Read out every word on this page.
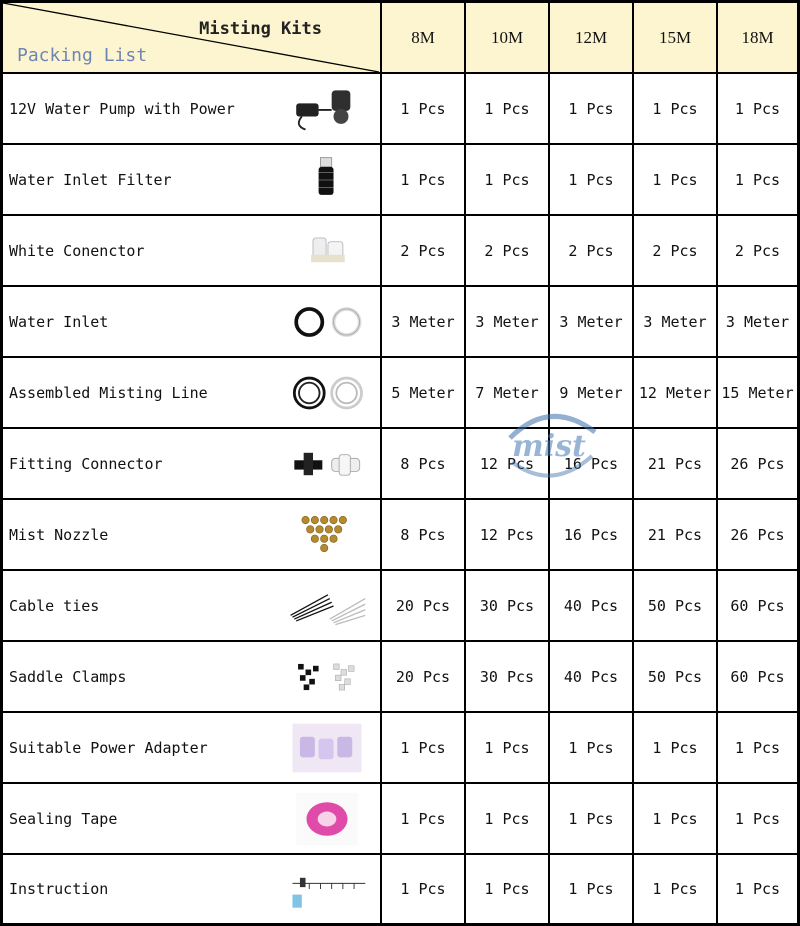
Misting Kits
Packing List
8M	10M	12M	15M	18M
12V Water Pump with Power	1 Pcs	1 Pcs	1 Pcs	1 Pcs	1 Pcs
Water Inlet Filter	1 Pcs	1 Pcs	1 Pcs	1 Pcs	1 Pcs
White Conenctor	2 Pcs	2 Pcs	2 Pcs	2 Pcs	2 Pcs
Water Inlet	3 Meter	3 Meter	3 Meter	3 Meter	3 Meter
Assembled Misting Line	5 Meter	7 Meter	9 Meter	12 Meter 15 Meter
Fitting Connector	8 Pcs	12 Pcs	16 Pcs	21 Pcs	26 Pcs
Mist Nozzle	8 Pcs	12 Pcs	16 Pcs	21 Pcs	26 Pcs
Cable ties	20 Pcs	30 Pcs	40 Pcs	50 Pcs	60 Pcs
Saddle Clamps	20 Pcs	30 Pcs	40 Pcs	50 Pcs	60 Pcs
Suitable Power Adapter	1 Pcs	1 Pcs	1 Pcs	1 Pcs	1 Pcs
Sealing Tape	1 Pcs	1 Pcs	1 Pcs	1 Pcs	1 Pcs
Instruction	1 Pcs	1 Pcs	1 Pcs	1 Pcs	1 Pcs
mist
